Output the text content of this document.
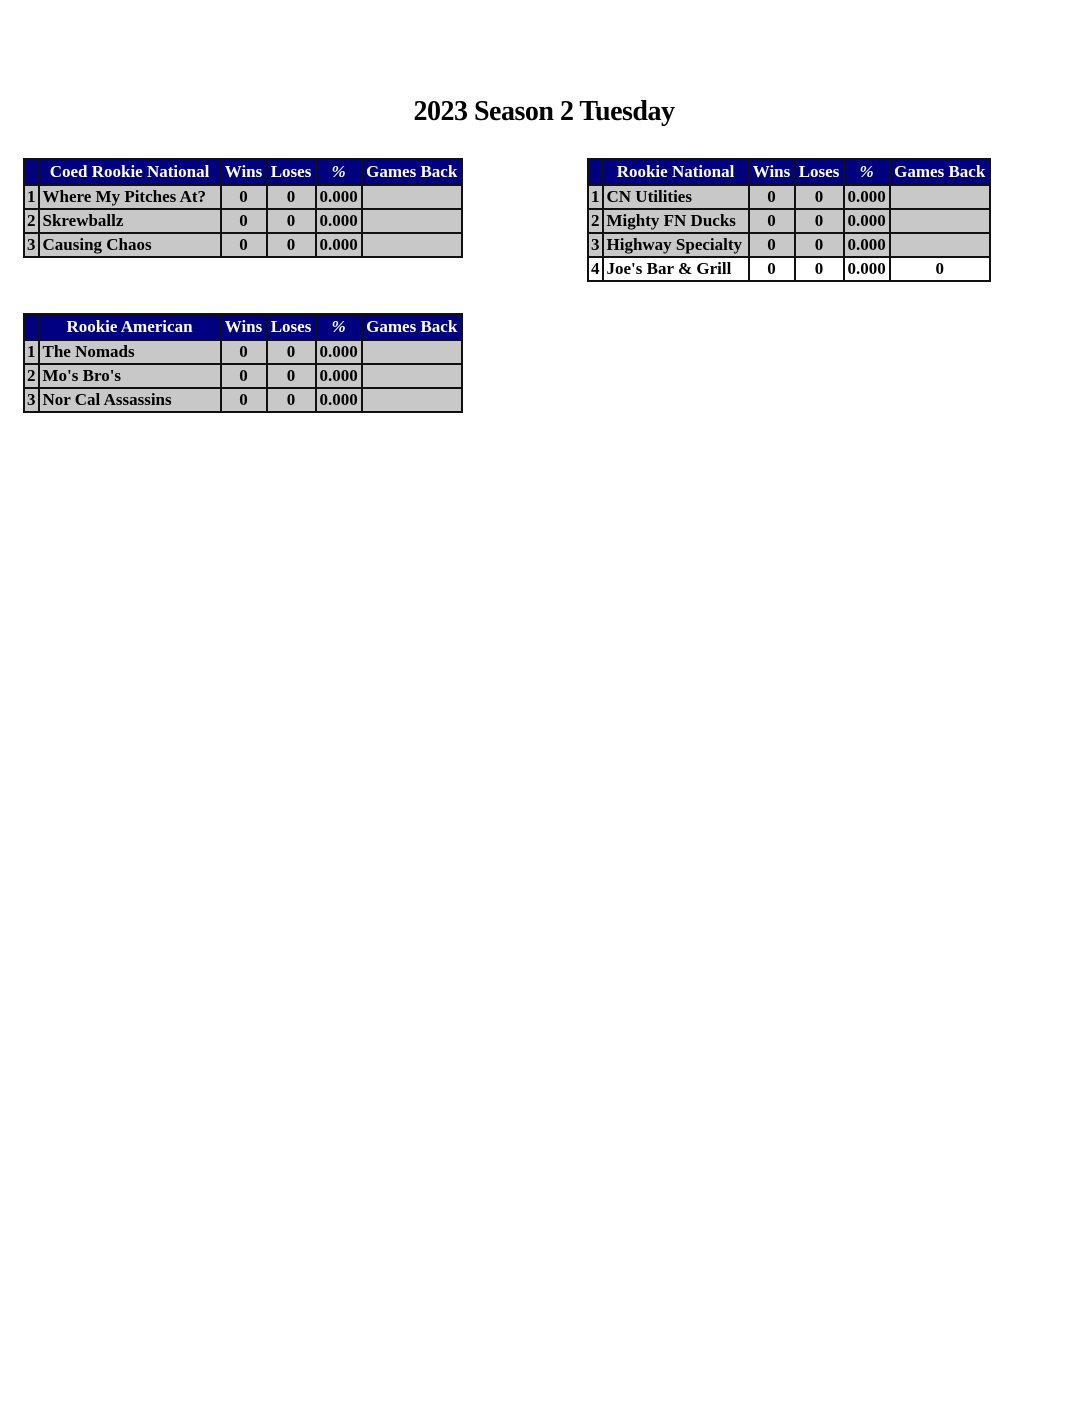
2023 Season 2 Tuesday
	Coed Rookie National	Wins	Loses	%	Games Back
1	Where My Pitches At?	0	0	0.000	
2	Skrewballz	0	0	0.000	
3	Causing Chaos	0	0	0.000	
	Rookie National	Wins	Loses	%	Games Back
1	CN Utilities	0	0	0.000	
2	Mighty FN Ducks	0	0	0.000	
3	Highway Specialty	0	0	0.000	
4	Joe's Bar & Grill	0	0	0.000	0
	Rookie American	Wins	Loses	%	Games Back
1	The Nomads	0	0	0.000	
2	Mo's Bro's	0	0	0.000	
3	Nor Cal Assassins	0	0	0.000	
